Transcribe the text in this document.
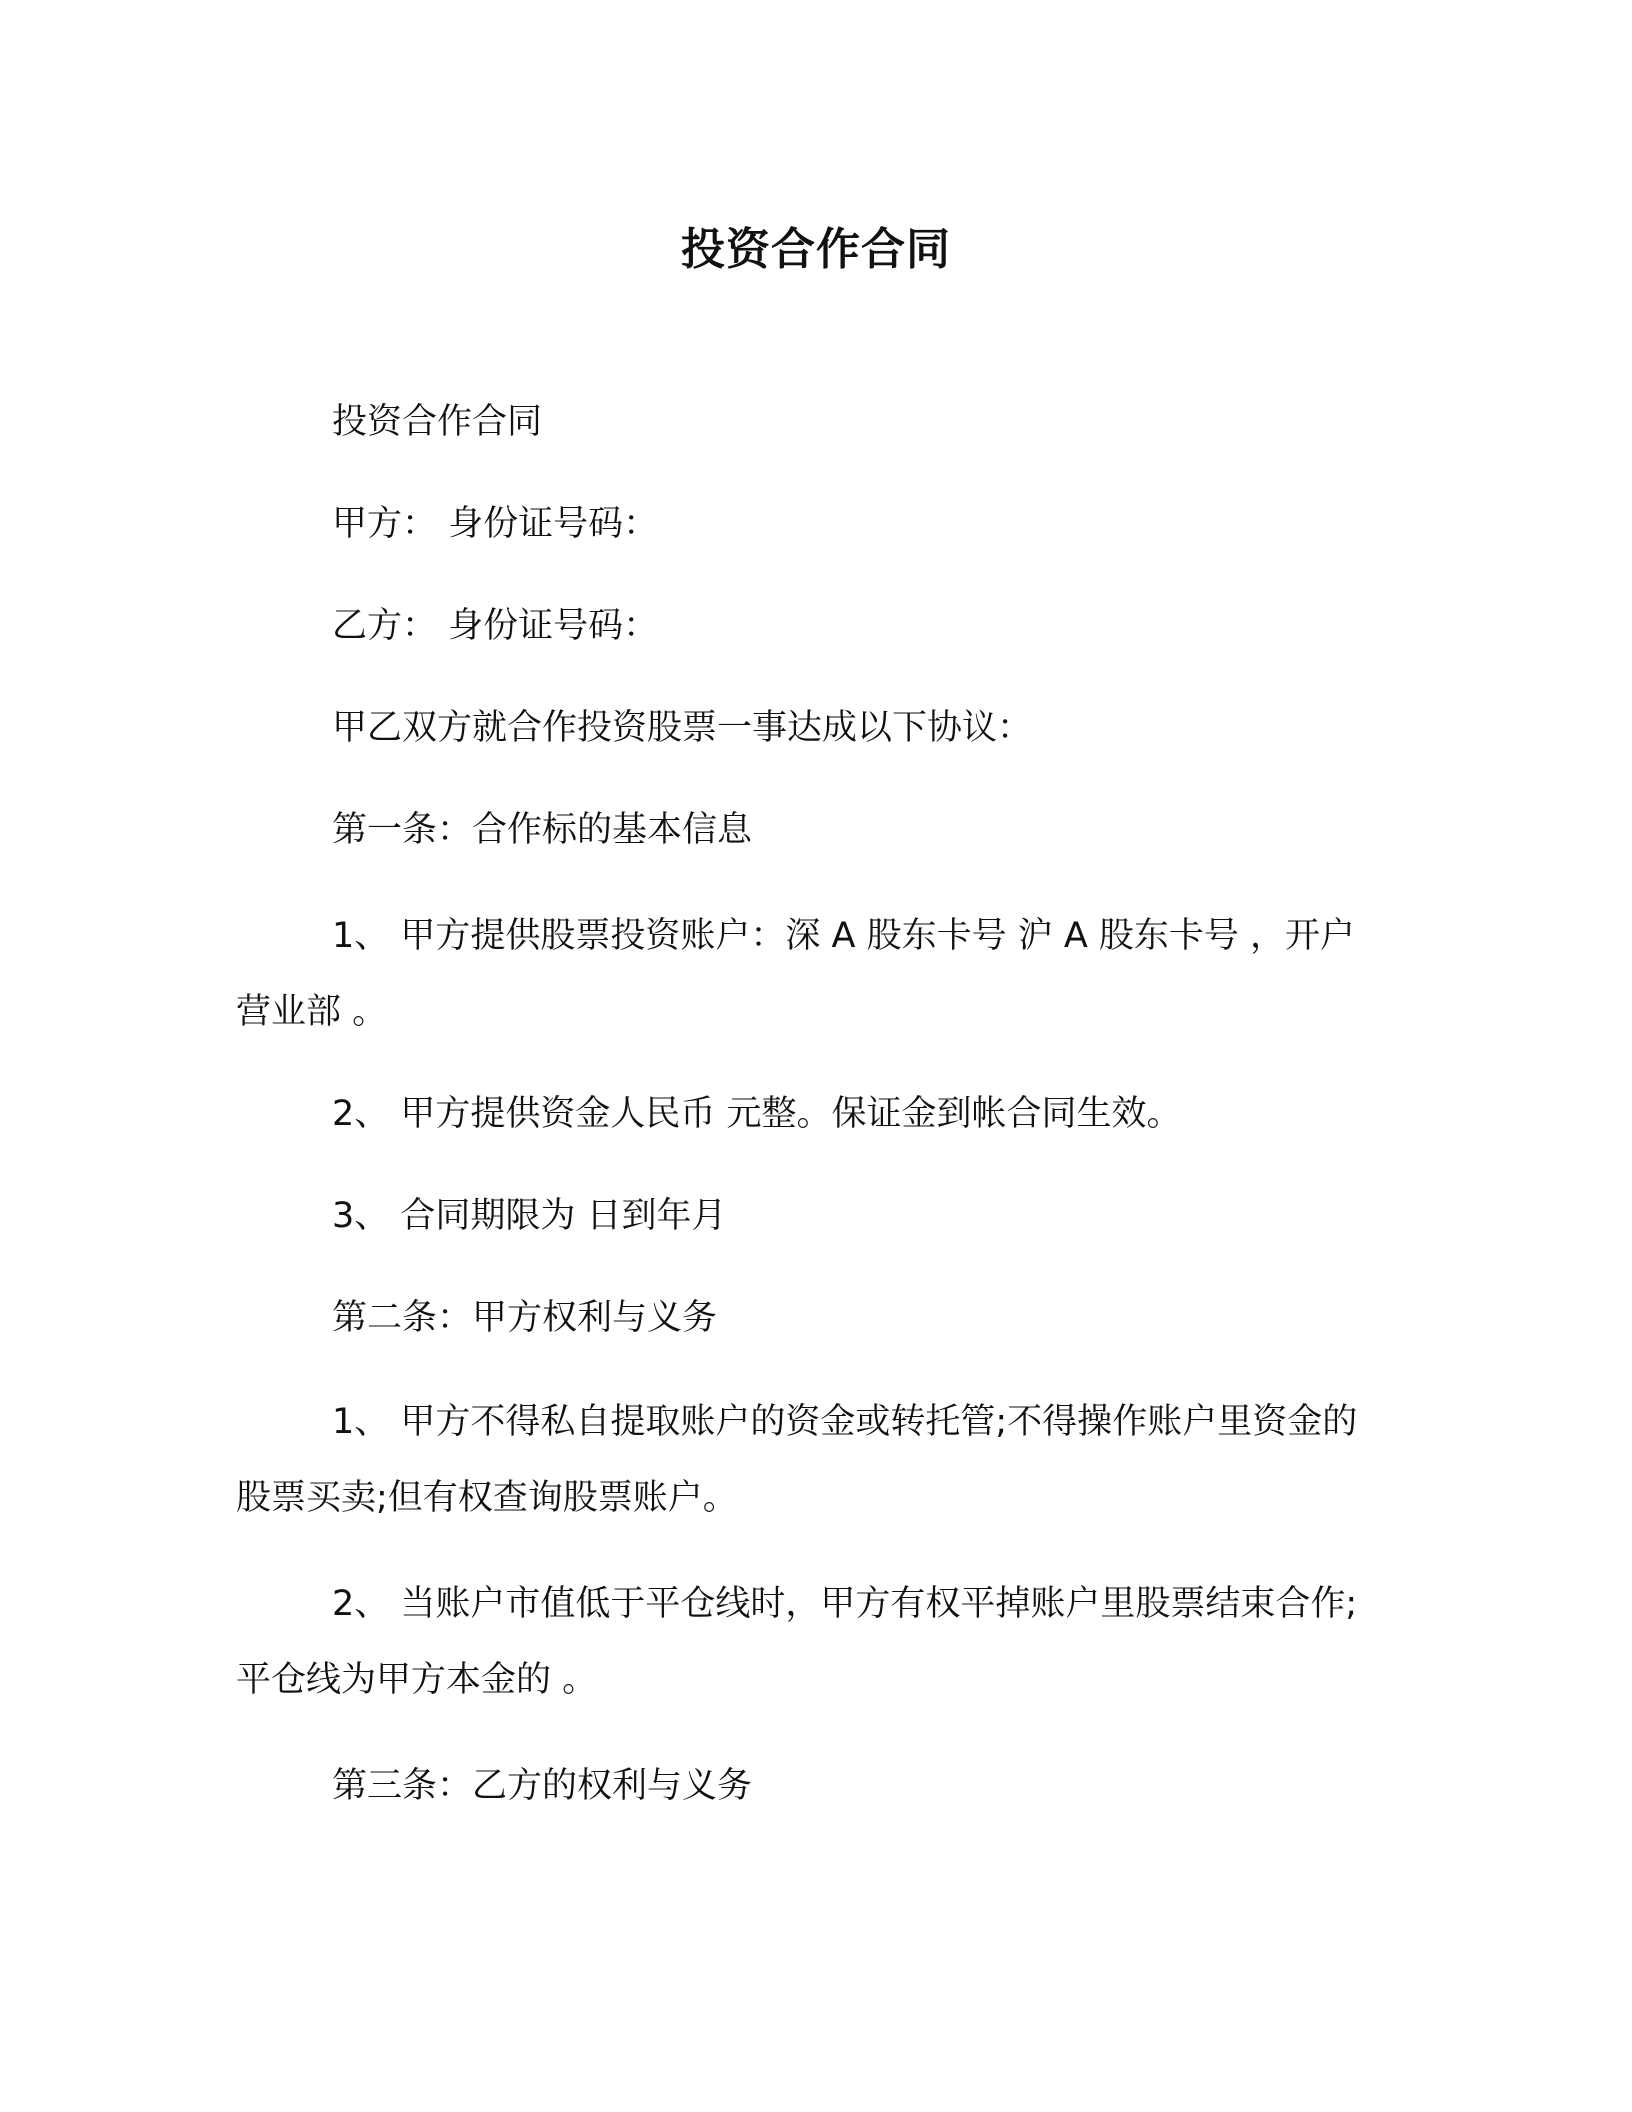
投资合作合同

投资合作合同

甲方： 身份证号码：

乙方： 身份证号码：

甲乙双方就合作投资股票一事达成以下协议：

第一条：合作标的基本信息

1、 甲方提供股票投资账户：深 A 股东卡号 沪 A 股东卡号 ，开户营业部 。

2、 甲方提供资金人民币 元整。保证金到帐合同生效。

3、 合同期限为 日到年月

第二条：甲方权利与义务

1、 甲方不得私自提取账户的资金或转托管;不得操作账户里资金的股票买卖;但有权查询股票账户。

2、 当账户市值低于平仓线时，甲方有权平掉账户里股票结束合作;平仓线为甲方本金的 。

第三条：乙方的权利与义务
